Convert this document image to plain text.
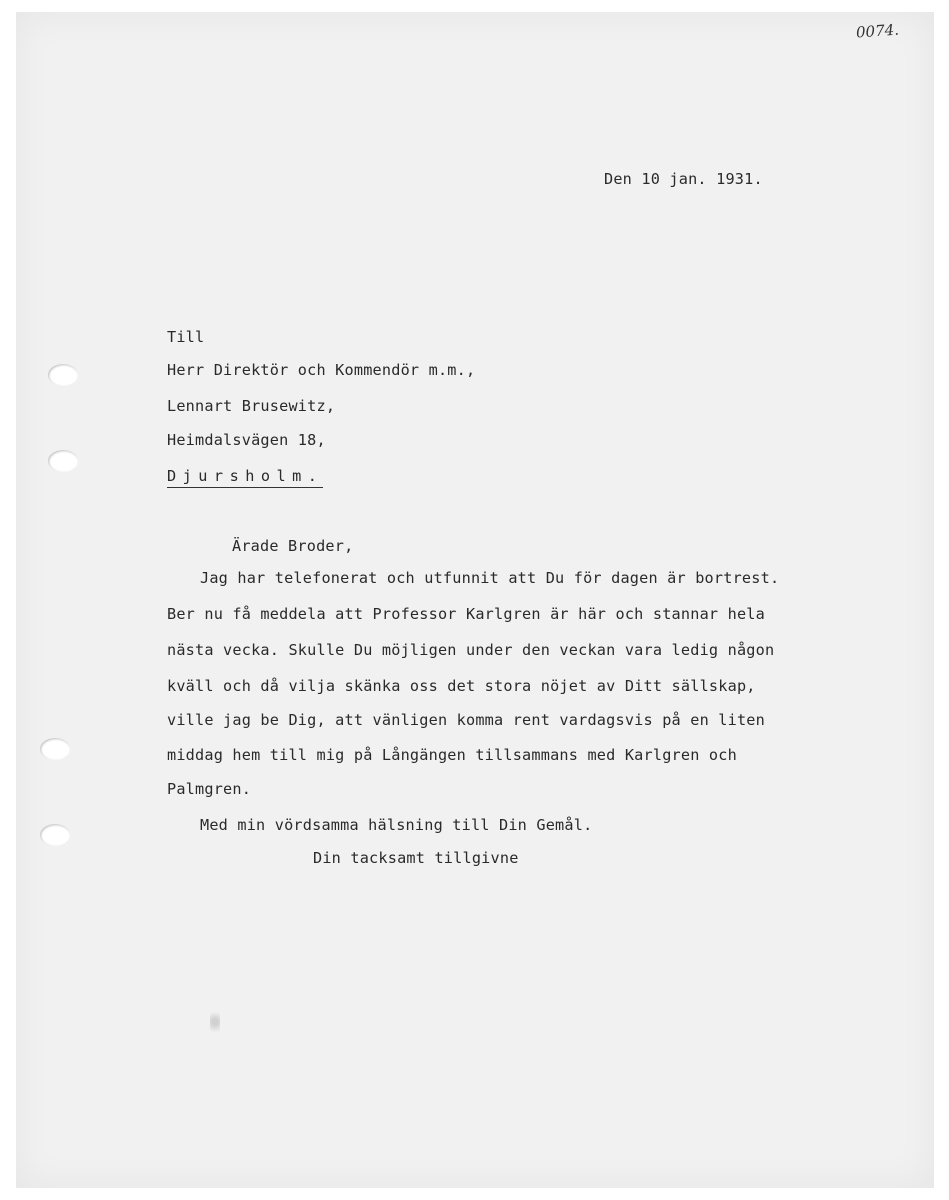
0074.
Den 10 jan. 1931.
Till
Herr Direktör och Kommendör m.m.,
Lennart Brusewitz,
Heimdalsvägen 18,
Djursholm.
Ärade Broder,
Jag har telefonerat och utfunnit att Du för dagen är bortrest.
Ber nu få meddela att Professor Karlgren är här och stannar hela
nästa vecka. Skulle Du möjligen under den veckan vara ledig någon
kväll och då vilja skänka oss det stora nöjet av Ditt sällskap,
ville jag be Dig, att vänligen komma rent vardagsvis på en liten
middag hem till mig på Långängen tillsammans med Karlgren och
Palmgren.
Med min vördsamma hälsning till Din Gemål.
Din tacksamt tillgivne
